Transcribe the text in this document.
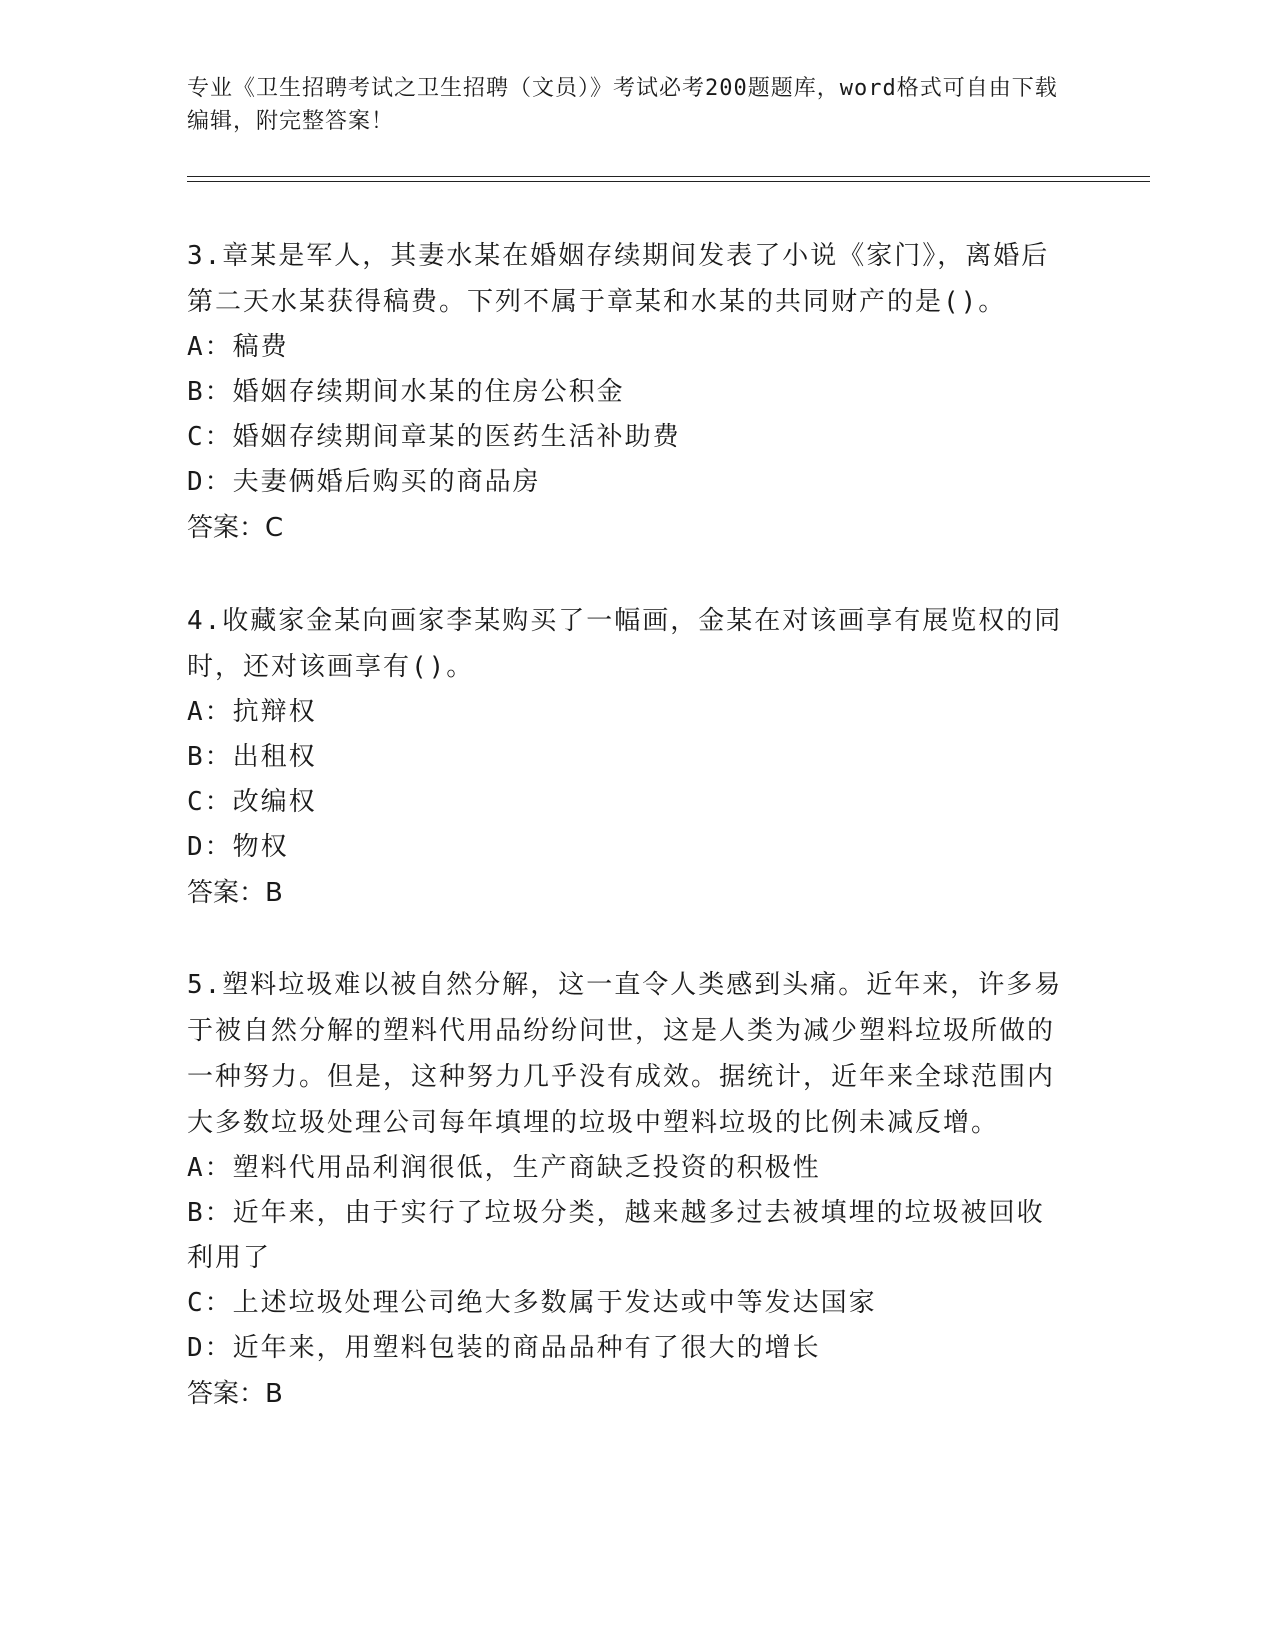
专业《卫生招聘考试之卫生招聘（文员）》考试必考200题题库，word格式可自由下载编辑，附完整答案！

3.章某是军人，其妻水某在婚姻存续期间发表了小说《家门》，离婚后第二天水某获得稿费。下列不属于章某和水某的共同财产的是()。

A：稿费

B：婚姻存续期间水某的住房公积金

C：婚姻存续期间章某的医药生活补助费

D：夫妻俩婚后购买的商品房

答案：C

4.收藏家金某向画家李某购买了一幅画，金某在对该画享有展览权的同时，还对该画享有()。

A：抗辩权

B：出租权

C：改编权

D：物权

答案：B

5.塑料垃圾难以被自然分解，这一直令人类感到头痛。近年来，许多易于被自然分解的塑料代用品纷纷问世，这是人类为减少塑料垃圾所做的一种努力。但是，这种努力几乎没有成效。据统计，近年来全球范围内大多数垃圾处理公司每年填埋的垃圾中塑料垃圾的比例未减反增。

A：塑料代用品利润很低，生产商缺乏投资的积极性

B：近年来，由于实行了垃圾分类，越来越多过去被填埋的垃圾被回收利用了

C：上述垃圾处理公司绝大多数属于发达或中等发达国家

D：近年来，用塑料包装的商品品种有了很大的增长

答案：B
